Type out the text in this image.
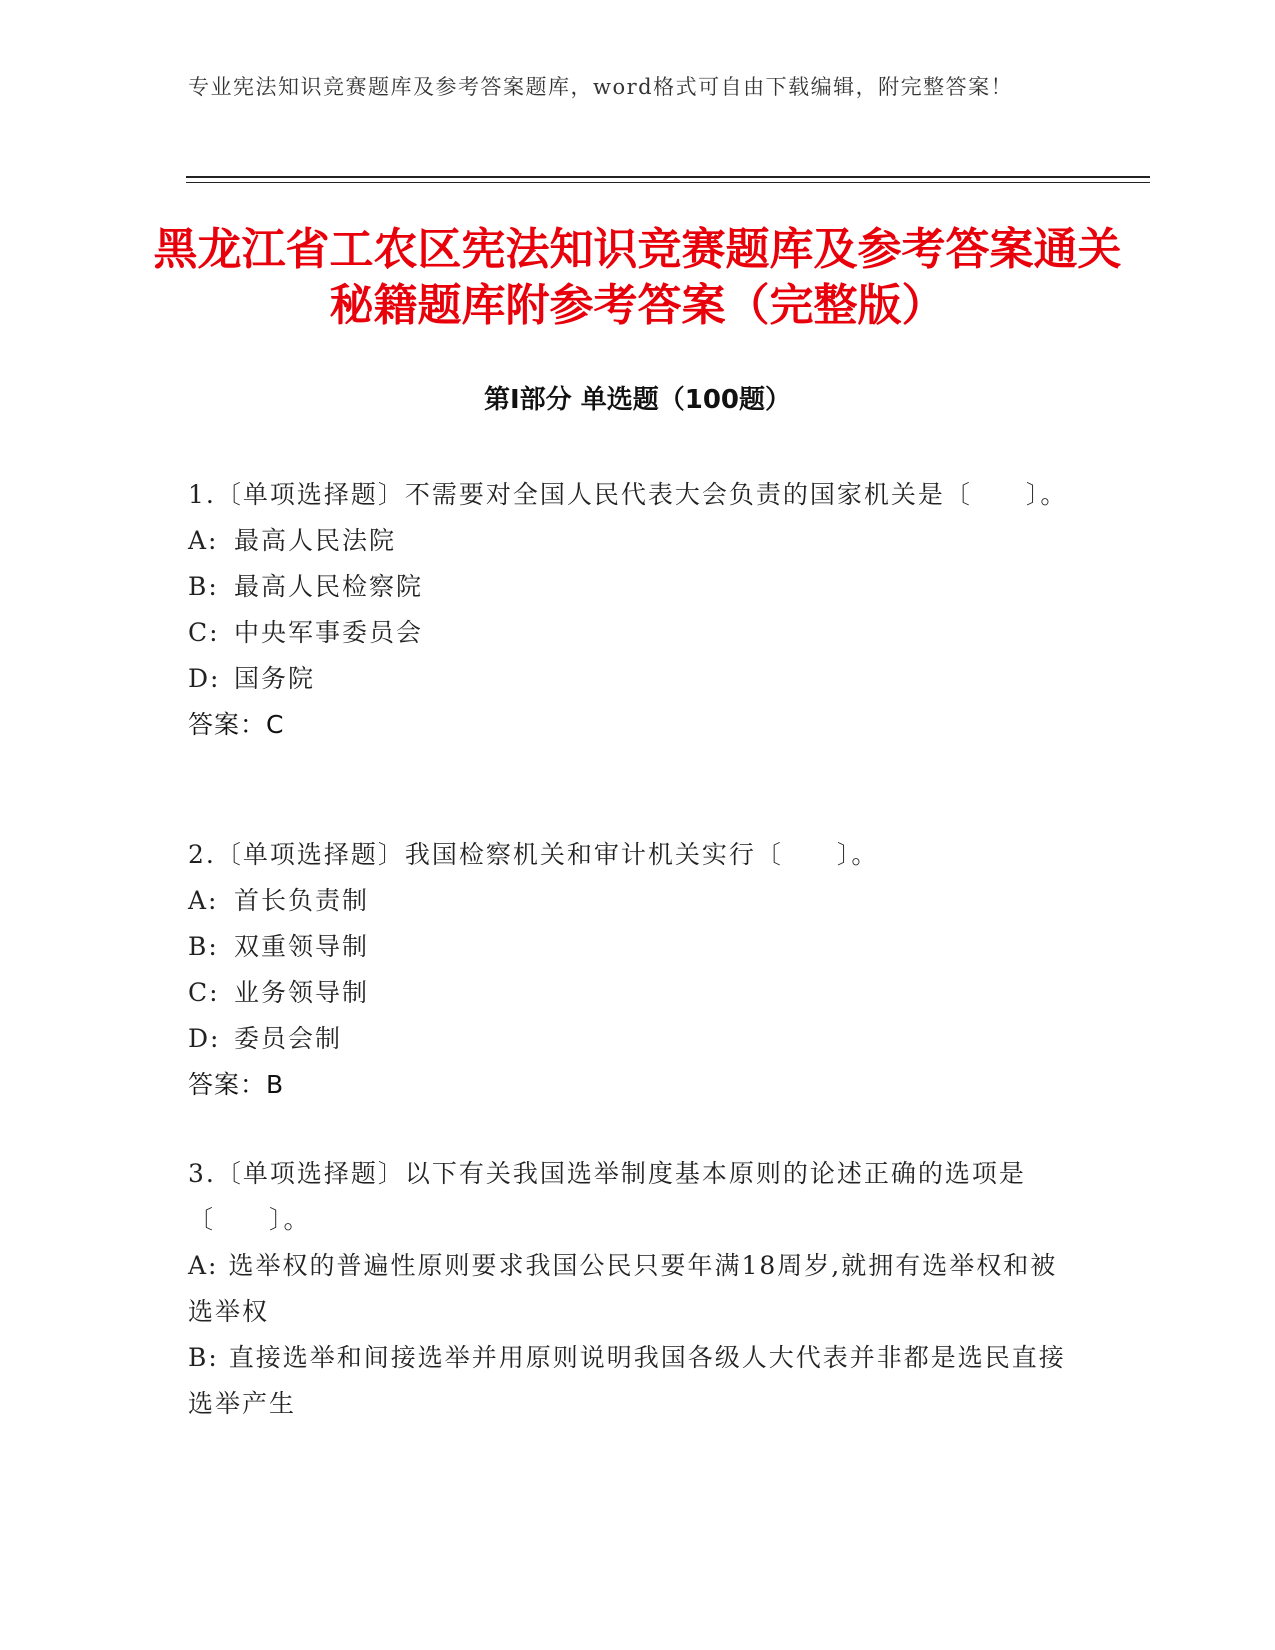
专业宪法知识竞赛题库及参考答案题库，word格式可自由下载编辑，附完整答案！
黑龙江省工农区宪法知识竞赛题库及参考答案通关秘籍题库附参考答案（完整版）
第Ⅰ部分 单选题（100题）

1.〔单项选择题〕不需要对全国人民代表大会负责的国家机关是〔　　〕。

A: 最高人民法院

B: 最高人民检察院

C: 中央军事委员会

D: 国务院

答案：C

2.〔单项选择题〕我国检察机关和审计机关实行〔　　〕。

A: 首长负责制

B: 双重领导制

C: 业务领导制

D: 委员会制

答案：B

3.〔单项选择题〕以下有关我国选举制度基本原则的论述正确的选项是〔　　〕。

A: 选举权的普遍性原则要求我国公民只要年满18周岁,就拥有选举权和被选举权

B: 直接选举和间接选举并用原则说明我国各级人大代表并非都是选民直接选举产生
